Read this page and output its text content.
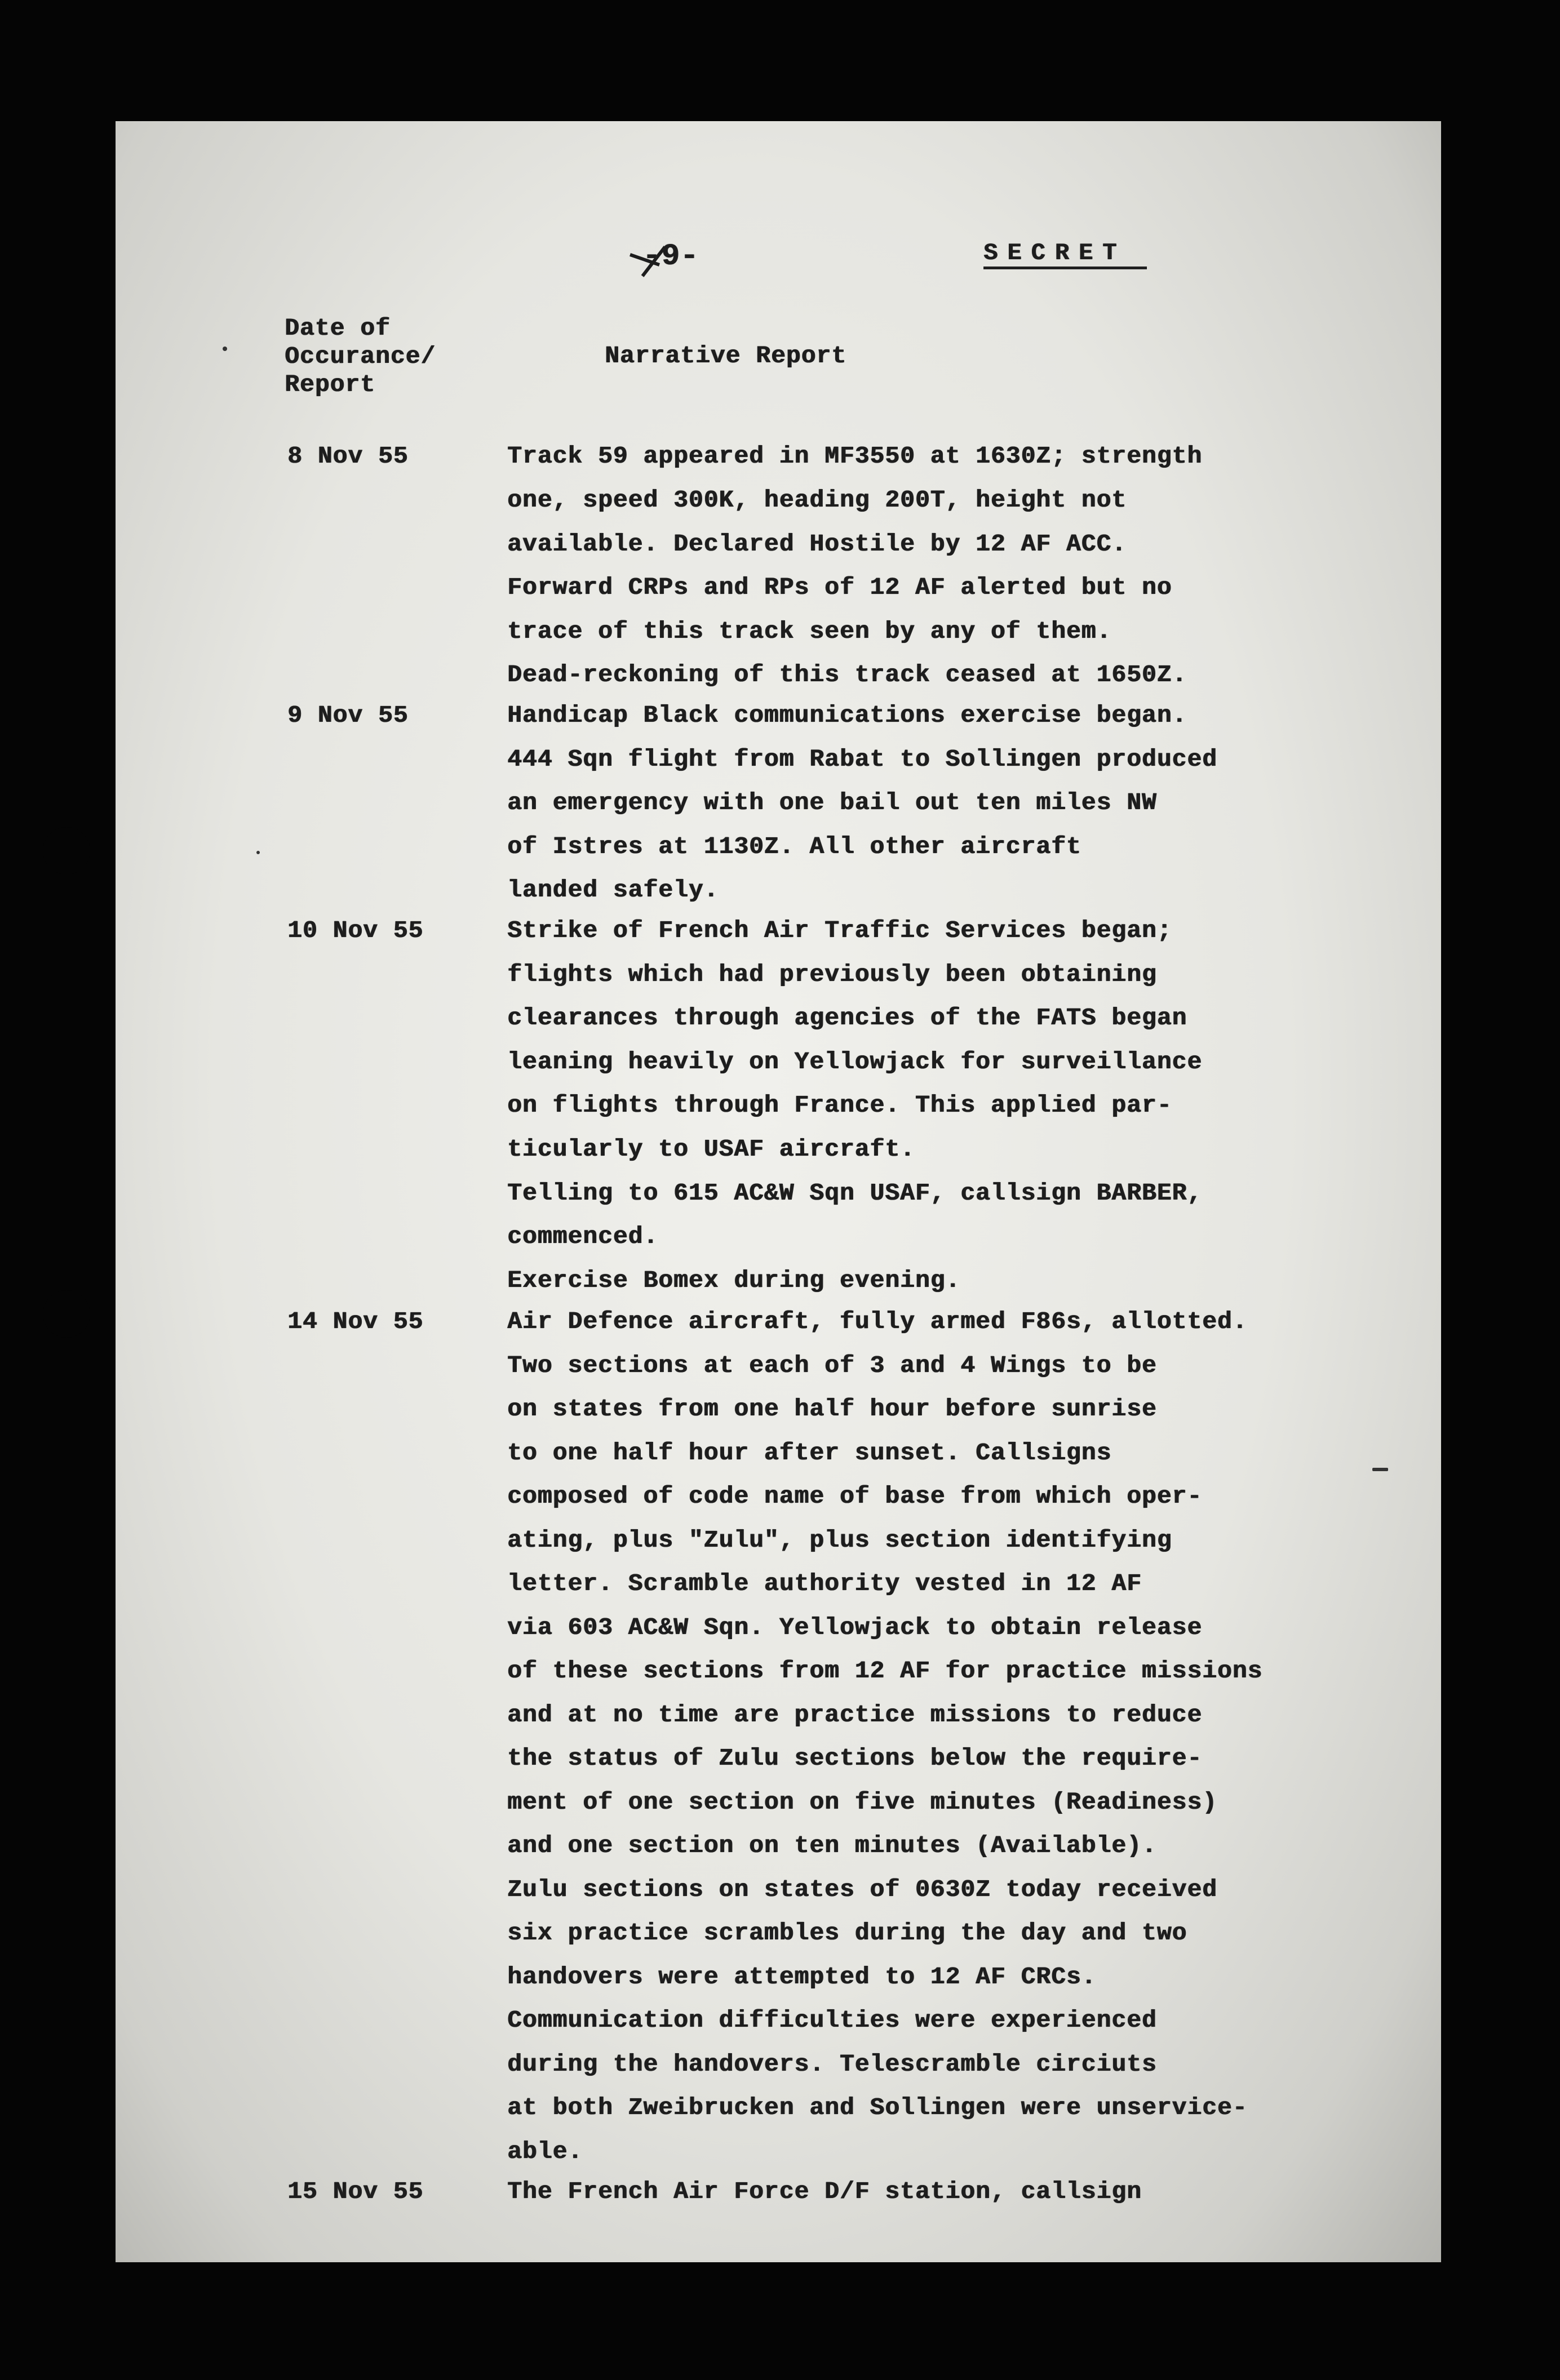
-9-	SECRET
Date of
Occurance/
Report
Narrative Report
8 Nov 55	Track 59 appeared in MF3550 at 1630Z; strength
one, speed 300K, heading 200T, height not
available. Declared Hostile by 12 AF ACC.
Forward CRPs and RPs of 12 AF alerted but no
trace of this track seen by any of them.
Dead-reckoning of this track ceased at 1650Z.
9 Nov 55	Handicap Black communications exercise began.
444 Sqn flight from Rabat to Sollingen produced
an emergency with one bail out ten miles NW
of Istres at 1130Z. All other aircraft
landed safely.
10 Nov 55	Strike of French Air Traffic Services began;
flights which had previously been obtaining
clearances through agencies of the FATS began
leaning heavily on Yellowjack for surveillance
on flights through France. This applied par-
ticularly to USAF aircraft.
Telling to 615 AC&W Sqn USAF, callsign BARBER,
commenced.
Exercise Bomex during evening.
14 Nov 55	Air Defence aircraft, fully armed F86s, allotted.
Two sections at each of 3 and 4 Wings to be
on states from one half hour before sunrise
to one half hour after sunset. Callsigns
composed of code name of base from which oper-
ating, plus "Zulu", plus section identifying
letter. Scramble authority vested in 12 AF
via 603 AC&W Sqn. Yellowjack to obtain release
of these sections from 12 AF for practice missions
and at no time are practice missions to reduce
the status of Zulu sections below the require-
ment of one section on five minutes (Readiness)
and one section on ten minutes (Available).
Zulu sections on states of 0630Z today received
six practice scrambles during the day and two
handovers were attempted to 12 AF CRCs.
Communication difficulties were experienced
during the handovers. Telescramble circiuts
at both Zweibrucken and Sollingen were unservice-
able.
15 Nov 55	The French Air Force D/F station, callsign
